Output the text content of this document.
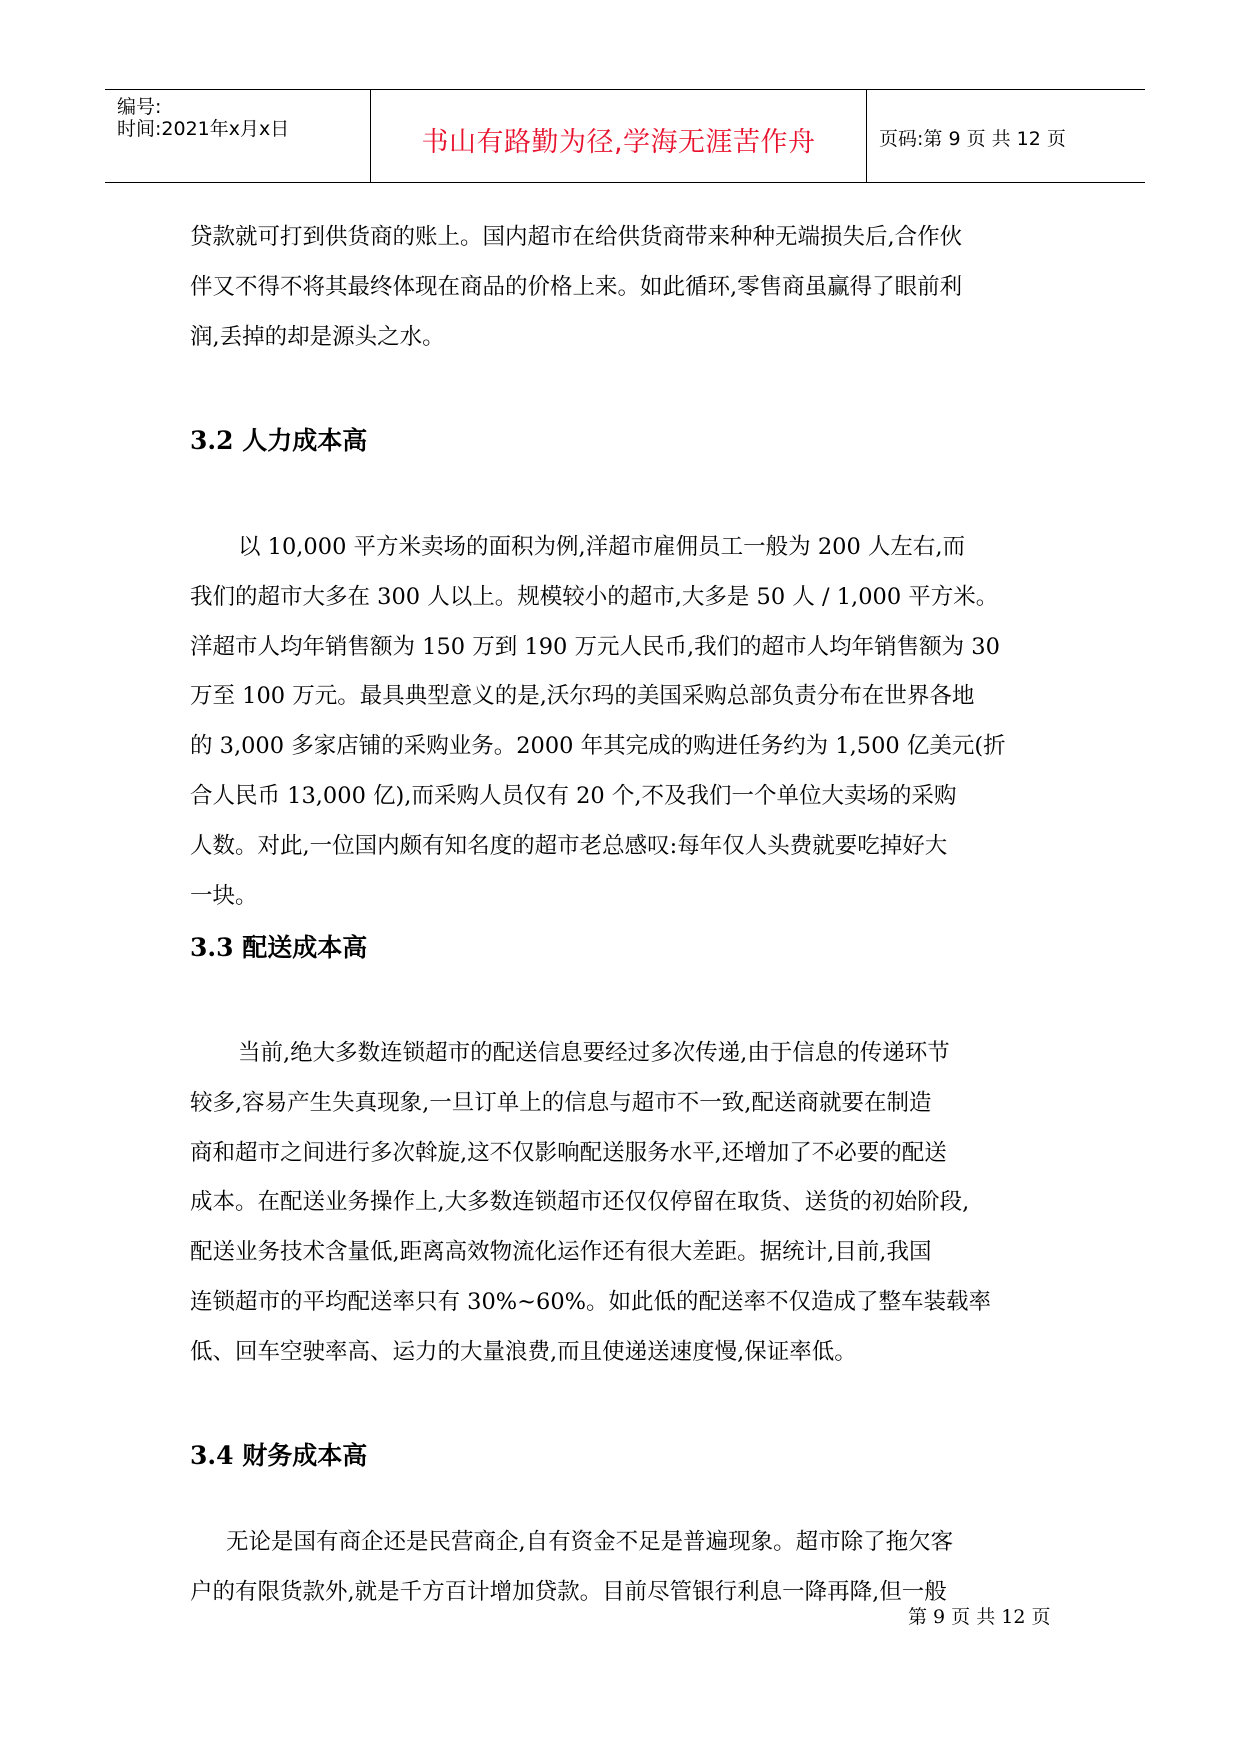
编号:
时间:2021年x月x日	书山有路勤为径,学海无涯苦作舟	页码:第 9 页 共 12 页
贷款就可打到供货商的账上。国内超市在给供货商带来种种无端损失后,合作伙
伴又不得不将其最终体现在商品的价格上来。如此循环,零售商虽赢得了眼前利
润,丢掉的却是源头之水。
3.2 人力成本高
以 10,000 平方米卖场的面积为例,洋超市雇佣员工一般为 200 人左右,而
我们的超市大多在 300 人以上。规模较小的超市,大多是 50 人 / 1,000 平方米。
洋超市人均年销售额为 150 万到 190 万元人民币,我们的超市人均年销售额为 30
万至 100 万元。最具典型意义的是,沃尔玛的美国采购总部负责分布在世界各地
的 3,000 多家店铺的采购业务。2000 年其完成的购进任务约为 1,500 亿美元(折
合人民币 13,000 亿),而采购人员仅有 20 个,不及我们一个单位大卖场的采购
人数。对此,一位国内颇有知名度的超市老总感叹:每年仅人头费就要吃掉好大
一块。
3.3 配送成本高
当前,绝大多数连锁超市的配送信息要经过多次传递,由于信息的传递环节
较多,容易产生失真现象,一旦订单上的信息与超市不一致,配送商就要在制造
商和超市之间进行多次斡旋,这不仅影响配送服务水平,还增加了不必要的配送
成本。在配送业务操作上,大多数连锁超市还仅仅停留在取货、送货的初始阶段,
配送业务技术含量低,距离高效物流化运作还有很大差距。据统计,目前,我国
连锁超市的平均配送率只有 30%~60%。如此低的配送率不仅造成了整车装载率
低、回车空驶率高、运力的大量浪费,而且使递送速度慢,保证率低。
3.4 财务成本高
无论是国有商企还是民营商企,自有资金不足是普遍现象。超市除了拖欠客
户的有限货款外,就是千方百计增加贷款。目前尽管银行利息一降再降,但一般
第 9 页 共 12 页
